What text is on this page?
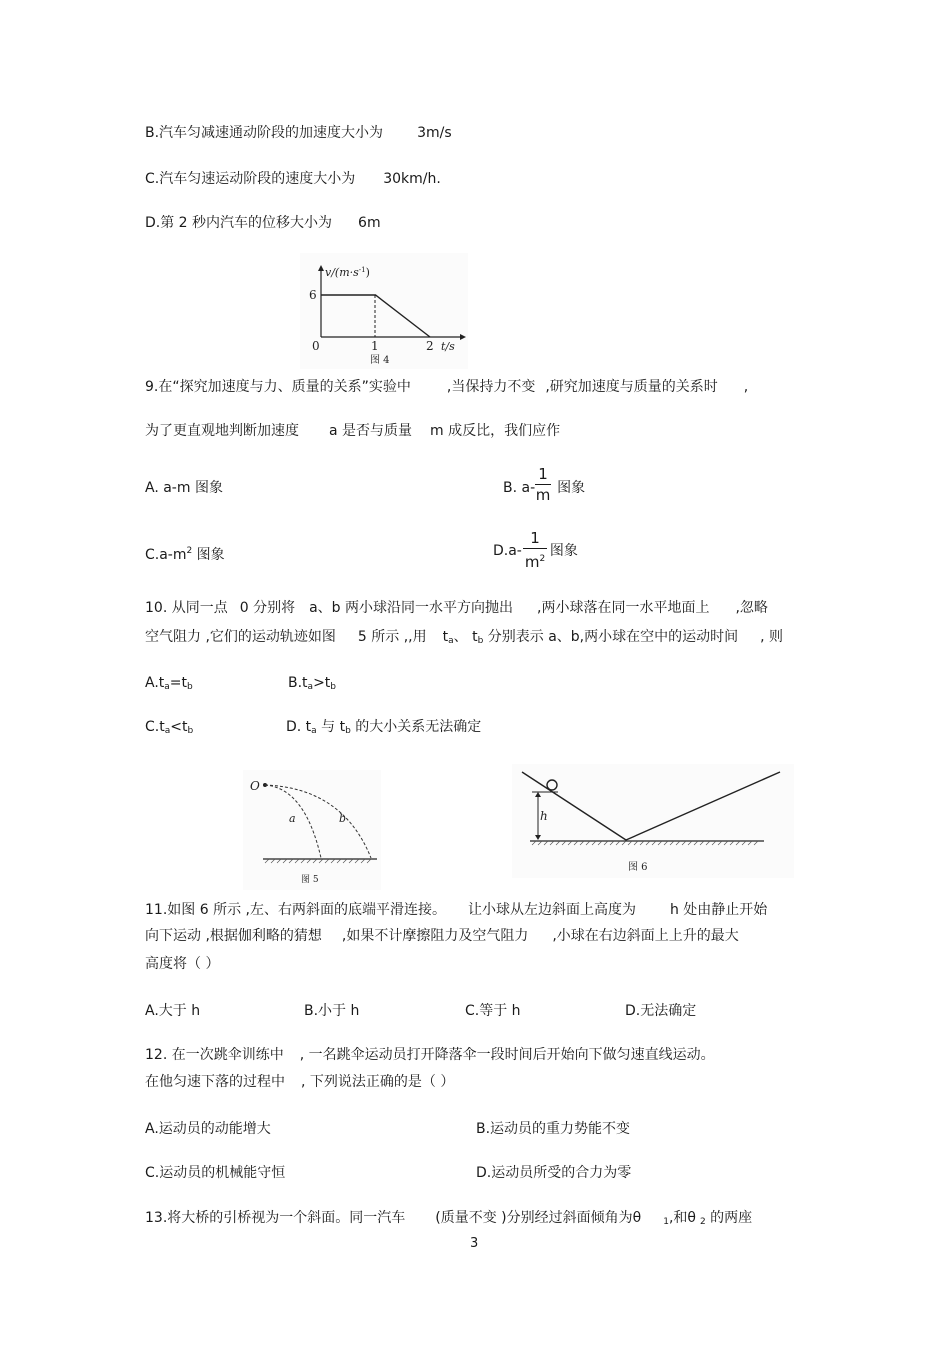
B.汽车匀减速通动阶段的加速度大小为 3m/s
C.汽车匀速运动阶段的速度大小为 30km/h.
D.第 2 秒内汽车的位移大小为 6m
$v/(m\cdot s^{-1})$
6
0	1	2 t/s
图 4
9.在“探究加速度与力、质量的关系”实验中	,当保持力不变 ,研究加速度与质量的关系时 ,
为了更直观地判断加速度 a 是否与质量 m 成反比，我们应作
A. a-m 图象	B. a- 图象
1
m
$C.a-m^2$ 图象	D.a- 图象
1
$m^2$
10. 从同一点 0 分别将 a、b 两小球沿同一水平方向抛出 ,两小球落在同一水平地面上 ,忽略
空气阻力 ,它们的运动轨迹如图 5 所示 ,,用 $t_a$、 $t_b$ 分别表示 a、b,两小球在空中的运动时间 , 则
$A.t_a=t_b$	$B.t_a>t_b$
$C.t_a<t_b$	D. $t_a$ 与 $t_b$ 的大小关系无法确定
O
a	b
图 5
h
图 6
11.如图 6 所示 ,左、右两斜面的底端平滑连接。 让小球从左边斜面上高度为 h 处由静止开始
向下运动 ,根据伽利略的猜想 ,如果不计摩擦阻力及空气阻力 ,小球在右边斜面上上升的最大
高度将（ ）
A.大于 h	B.小于 h	C.等于 h	D.无法确定
12. 在一次跳伞训练中 , 一名跳伞运动员打开降落伞一段时间后开始向下做匀速直线运动。
在他匀速下落的过程中 , 下列说法正确的是（ ）
A.运动员的动能增大	B.运动员的重力势能不变
C.运动员的机械能守恒	D.运动员所受的合力为零
13.将大桥的引桥视为一个斜面。同一汽车 (质量不变 )分别经过斜面倾角为θ $_1$,和θ $_2$ 的两座
3
